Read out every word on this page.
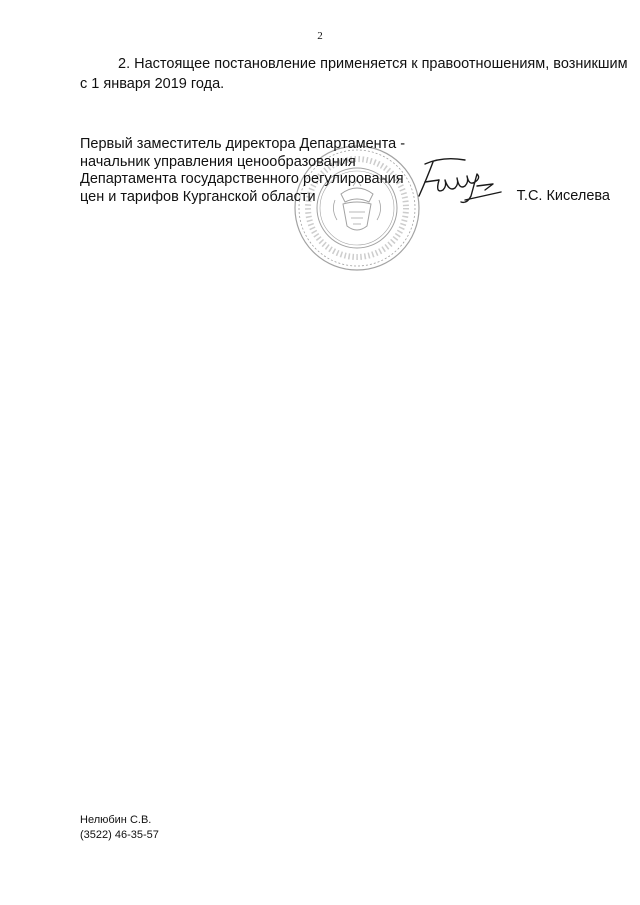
2
2. Настоящее постановление применяется к правоотношениям, возникшим
с 1 января 2019 года.
Первый заместитель директора Департамента -
начальник управления ценообразования
Департамента государственного регулирования
цен и тарифов Курганской области	Т.С. Киселева
Нелюбин С.В.
(3522) 46-35-57
